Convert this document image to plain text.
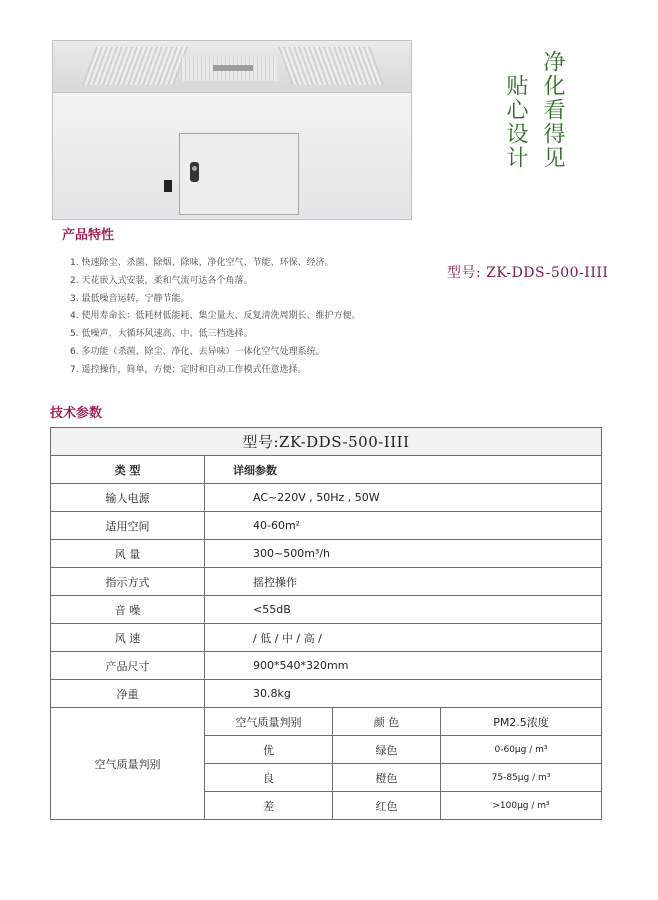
贴心设计 净化看得见
产品特性
1. 快速除尘、杀菌、除烟、除味、净化空气、节能、环保、经济。
2. 天花嵌入式安装，柔和气流可达各个角落。
3. 最低噪音运转，宁静节能。
4. 使用寿命长：低耗材低能耗、集尘量大、反复清洗周期长、维护方便。
5. 低噪声、大循环风速高、中、低三档选择。
6. 多功能（杀菌、除尘、净化、去异味）一体化空气处理系统。
7. 遥控操作，简单，方便；定时和自动工作模式任意选择。
型号: ZK-DDS-500-IIII
技术参数
型号:ZK-DDS-500-IIII			
类 型	详细参数		
输人电源	AC~220V , 50Hz , 50W		
适用空间	40-60m²		
风 量	300~500m³/h		
指示方式	摇控操作		
音 噪	<55dB		
风 速	/ 低 / 中 / 高 /		
产品尺寸	900*540*320mm		
净重	30.8kg		
空气质量判别	空气质量判别	颜 色	PM2.5浓度
	优	绿色	0-60μg / m³
	良	橙色	75-85μg / m³
	差	红色	>100μg / m³
